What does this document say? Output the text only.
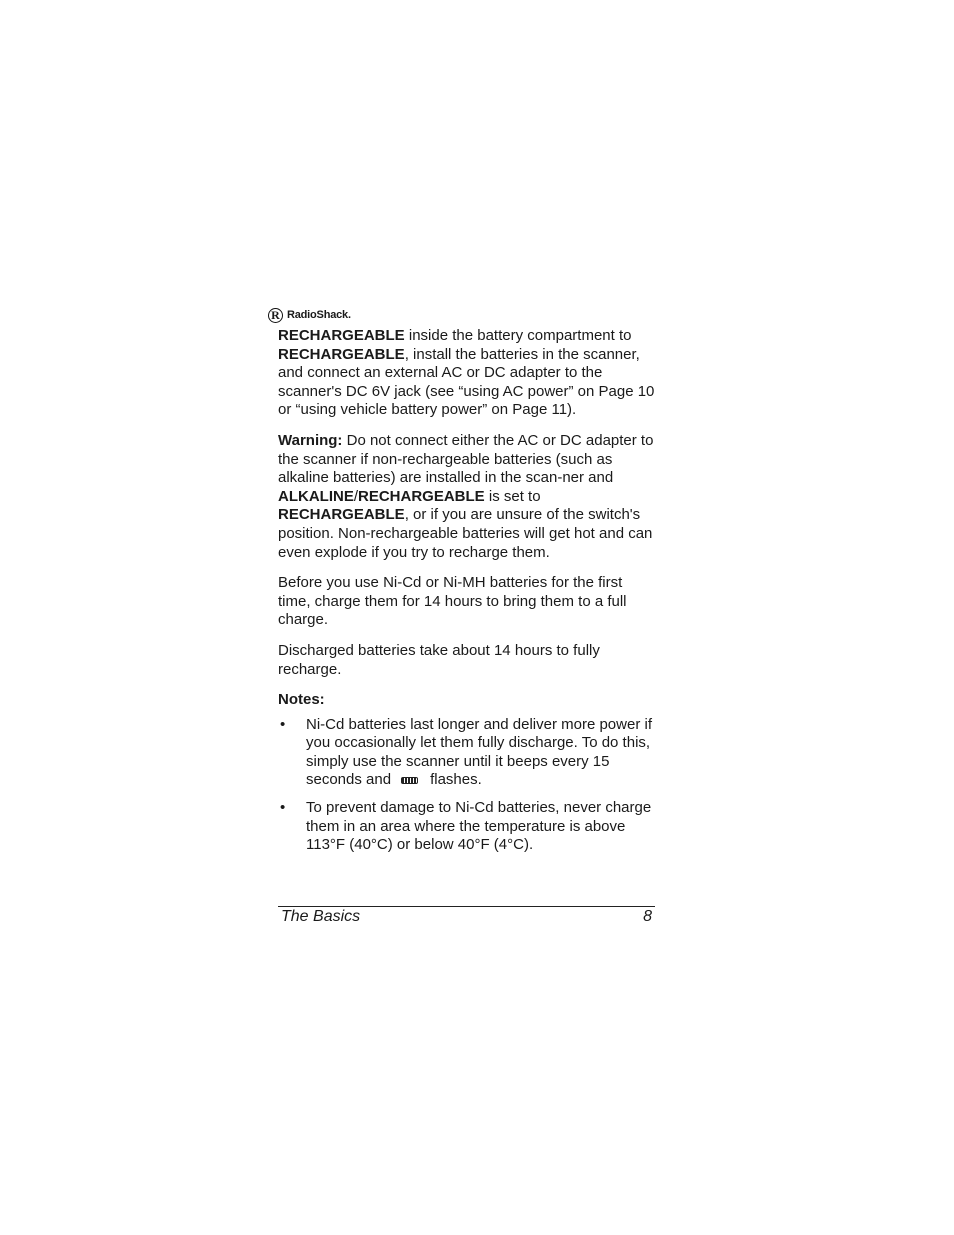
R RadioShack.

RECHARGEABLE inside the battery compartment to RECHARGEABLE, install the batteries in the scanner, and connect an external AC or DC adapter to the scanner's DC 6V jack (see “using AC power” on Page 10 or “using vehicle battery power” on Page 11).

Warning: Do not connect either the AC or DC adapter to the scanner if non-rechargeable batteries (such as alkaline batteries) are installed in the scan-ner and ALKALINE/RECHARGEABLE is set to RECHARGEABLE, or if you are unsure of the switch's position. Non-rechargeable batteries will get hot and can even explode if you try to recharge them.

Before you use Ni-Cd or Ni-MH batteries for the first time, charge them for 14 hours to bring them to a full charge.

Discharged batteries take about 14 hours to fully recharge.

Notes:

•	Ni-Cd batteries last longer and deliver more power if you occasionally let them fully discharge. To do this, simply use the scanner until it beeps every 15 seconds and	flashes.
•	To prevent damage to Ni-Cd batteries, never charge them in an area where the temperature is above 113°F (40°C) or below 40°F (4°C).
The Basics	8
